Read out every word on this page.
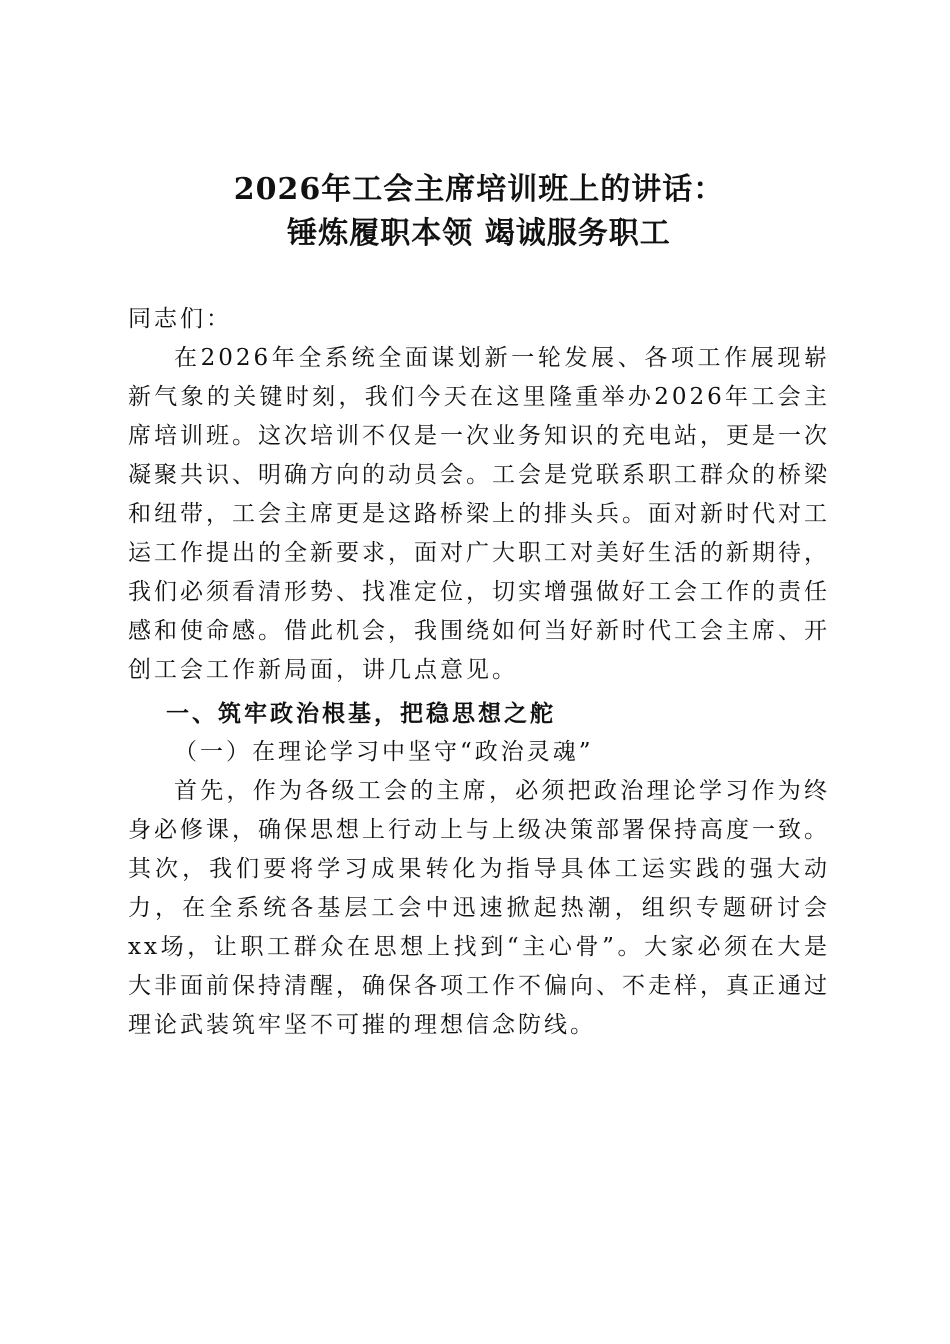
2026年工会主席培训班上的讲话：
锤炼履职本领 竭诚服务职工

同志们：

在2026年全系统全面谋划新一轮发展、各项工作展现崭新气象的关键时刻，我们今天在这里隆重举办2026年工会主席培训班。这次培训不仅是一次业务知识的充电站，更是一次凝聚共识、明确方向的动员会。工会是党联系职工群众的桥梁和纽带，工会主席更是这路桥梁上的排头兵。面对新时代对工运工作提出的全新要求，面对广大职工对美好生活的新期待，我们必须看清形势、找准定位，切实增强做好工会工作的责任感和使命感。借此机会，我围绕如何当好新时代工会主席、开创工会工作新局面，讲几点意见。

一、筑牢政治根基，把稳思想之舵

（一）在理论学习中坚守“政治灵魂”

首先，作为各级工会的主席，必须把政治理论学习作为终身必修课，确保思想上行动上与上级决策部署保持高度一致。其次，我们要将学习成果转化为指导具体工运实践的强大动力，在全系统各基层工会中迅速掀起热潮，组织专题研讨会xx场，让职工群众在思想上找到“主心骨”。大家必须在大是大非面前保持清醒，确保各项工作不偏向、不走样，真正通过理论武装筑牢坚不可摧的理想信念防线。
